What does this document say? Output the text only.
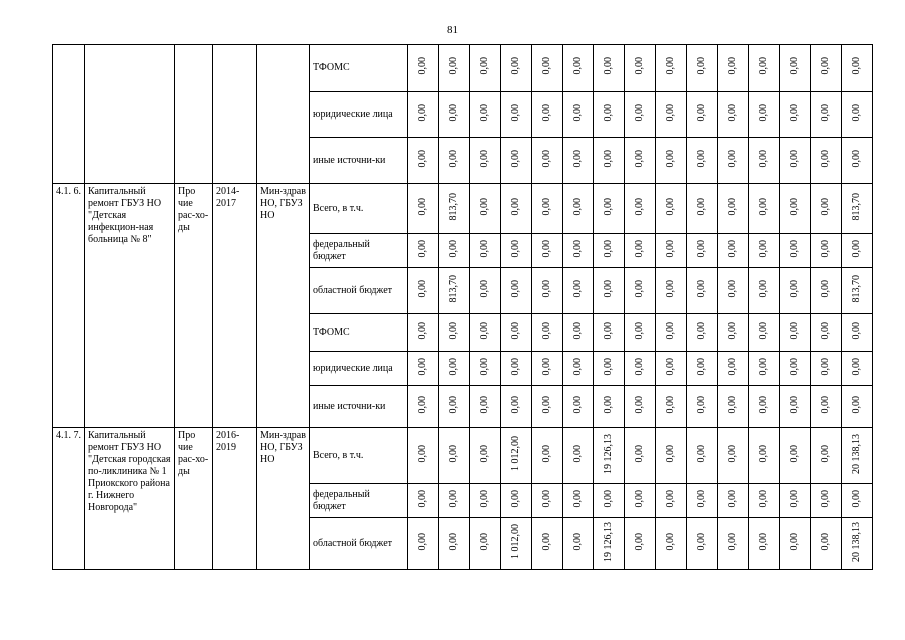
81
					ТФОМС	0,00	0,00	0,00	0,00	0,00	0,00	0,00	0,00	0,00	0,00	0,00	0,00	0,00	0,00	0,00
					юридические лица	0,00	0,00	0,00	0,00	0,00	0,00	0,00	0,00	0,00	0,00	0,00	0,00	0,00	0,00	0,00
					иные источни-ки	0,00	0,00	0,00	0,00	0,00	0,00	0,00	0,00	0,00	0,00	0,00	0,00	0,00	0,00	0,00
4.1. 6.	Капитальный ремонт ГБУЗ НО "Детская инфекцион-ная больница № 8"	Про чие рас-хо-ды	2014-2017	Мин-здрав НО, ГБУЗ НО	Всего, в т.ч.	0,00	813,70	0,00	0,00	0,00	0,00	0,00	0,00	0,00	0,00	0,00	0,00	0,00	0,00	813,70
					федеральный бюджет	0,00	0,00	0,00	0,00	0,00	0,00	0,00	0,00	0,00	0,00	0,00	0,00	0,00	0,00	0,00
					областной бюджет	0,00	813,70	0,00	0,00	0,00	0,00	0,00	0,00	0,00	0,00	0,00	0,00	0,00	0,00	813,70
					ТФОМС	0,00	0,00	0,00	0,00	0,00	0,00	0,00	0,00	0,00	0,00	0,00	0,00	0,00	0,00	0,00
					юридические лица	0,00	0,00	0,00	0,00	0,00	0,00	0,00	0,00	0,00	0,00	0,00	0,00	0,00	0,00	0,00
					иные источни-ки	0,00	0,00	0,00	0,00	0,00	0,00	0,00	0,00	0,00	0,00	0,00	0,00	0,00	0,00	0,00
4.1. 7.	Капитальный ремонт ГБУЗ НО "Детская городская по-ликлиника № 1 Приокского района г. Нижнего Новгорода"	Про чие рас-хо-ды	2016-2019	Мин-здрав НО, ГБУЗ НО	Всего, в т.ч.	0,00	0,00	0,00	1 012,00	0,00	0,00	19 126,13	0,00	0,00	0,00	0,00	0,00	0,00	0,00	20 138,13
					федеральный бюджет	0,00	0,00	0,00	0,00	0,00	0,00	0,00	0,00	0,00	0,00	0,00	0,00	0,00	0,00	0,00
					областной бюджет	0,00	0,00	0,00	1 012,00	0,00	0,00	19 126,13	0,00	0,00	0,00	0,00	0,00	0,00	0,00	20 138,13
